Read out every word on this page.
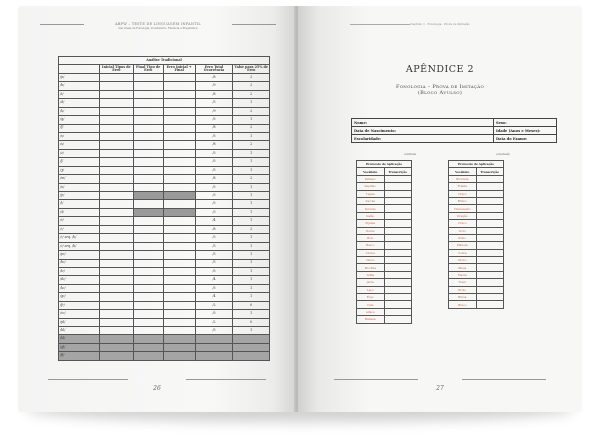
ABFW – TESTE DE LINGUAGEM INFANTIL
nas Áreas de Fonologia, Vocabulário, Fluência e Pragmática
Análise Tradicional					
	Inicial Tipos de Erro	Final Tipo de Erro	Erro Inicial + Final	Erro Total Ocorrência	Valor para 25% de Erro
/p/				/8	2
/b/				/9	2
/t/				/8	2
/d/				/5	1
/k/				/9	2
/g/				/5	1
/f/				/8	2
/v/				/5	1
/s/				/8	2
/z/				/5	1
/ʃ/				/5	1
/ʒ/				/5	1
/m/				/8	2
/n/				/5	1
/ɲ/				/3	1
/l/				/5	1
/ʎ/				/3	1
/r/				/4	1
/ɾ/				/8	2
/ɾ/ arq. /k/				/5	1
/ɾ/ arq. /b/				/5	1
/pɾ/				/5	1
/bɾ/				/5	1
/tɾ/				/5	1
/dɾ/				/4	1
/kɾ/				/5	1
/gɾ/				/4	1
/fɾ/				/2	0
/vɾ/				/5	1
/pl/				/2	0
/bl/				/5	1
/kl/					
/gl/					
/fl/					
26
Capítulo 1 · Fonologia · Prova de Imitação
APÊNDICE 2
Fonologia – Prova de Imitação
(Bloco Avulso)
Nome:	Sexo:
Data de Nascimento:	Idade (Anos e Meses):
Escolaridade:	Data do Exame:
continua	conclusão
Protocolo de Aplicação	
Vocábulo	Transcrição
Palhaço	
Sapinho	
Tigela	
Sacola	
Sorvete	
Galão	
Pijama	
Dente	
Bolo	
Barco	
Chuva	
Navio	
Mochila	
Telha	
Jarra	
Laço	
Fogo	
Café	
Alface	
Banana	
Protocolo de Aplicação	
Vocábulo	Transcrição
Bicicleta	
Fralda	
Cravo	
Brinco	
Travesseiro	
Dragão	
Cravo	
Livro	
Prato	
Planeta	
Cobra	
Globo	
Blusa	
Flauta	
Trem	
Broto	
Bruxa	
Braço	
27
